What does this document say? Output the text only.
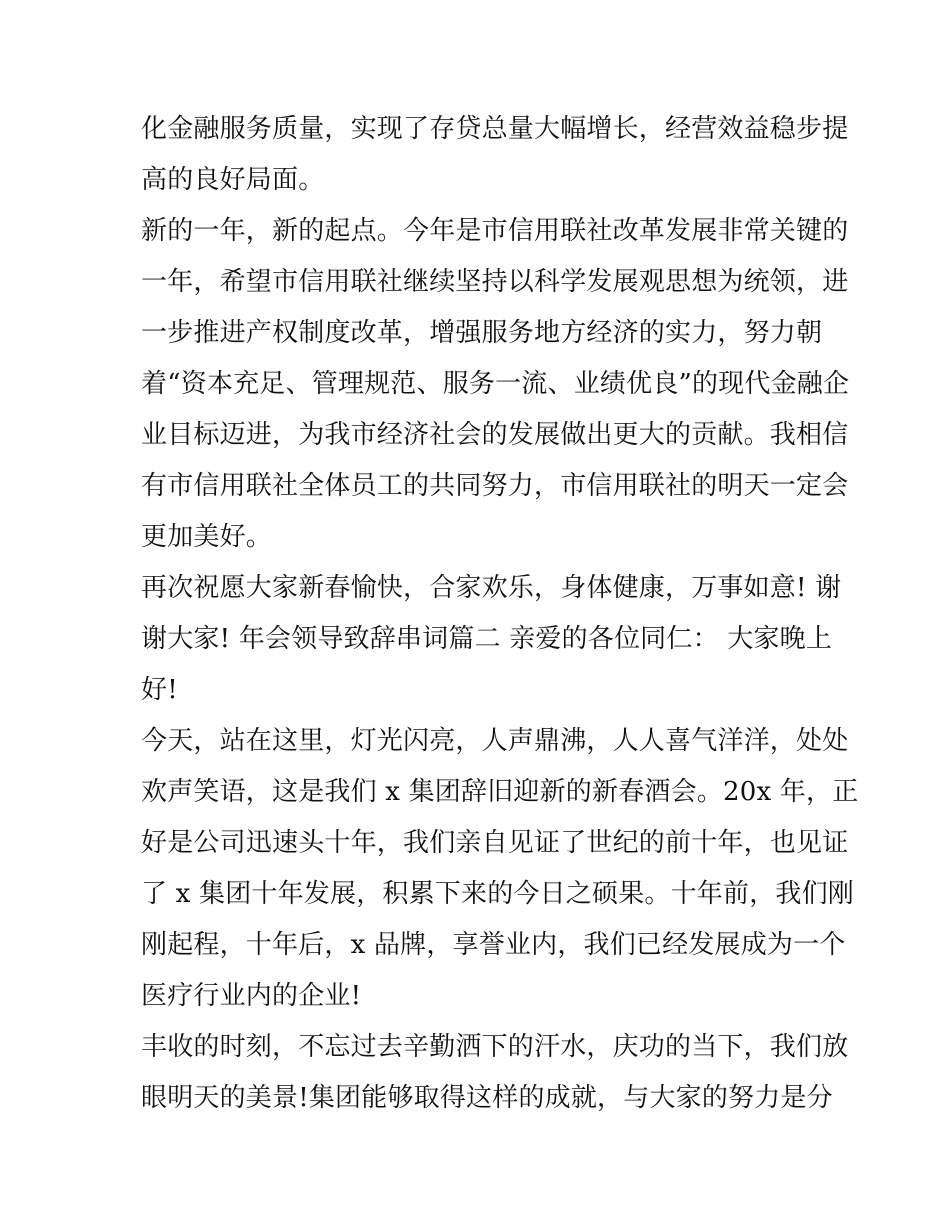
化金融服务质量，实现了存贷总量大幅增长，经营效益稳步提
高的良好局面。
新的一年，新的起点。今年是市信用联社改革发展非常关键的
一年，希望市信用联社继续坚持以科学发展观思想为统领，进
一步推进产权制度改革，增强服务地方经济的实力，努力朝
着“资本充足、管理规范、服务一流、业绩优良”的现代金融企
业目标迈进，为我市经济社会的发展做出更大的贡献。我相信
有市信用联社全体员工的共同努力，市信用联社的明天一定会
更加美好。
再次祝愿大家新春愉快，合家欢乐，身体健康，万事如意! 谢
谢大家! 年会领导致辞串词篇二 亲爱的各位同仁： 大家晚上
好!
今天，站在这里，灯光闪亮，人声鼎沸，人人喜气洋洋，处处
欢声笑语，这是我们 x 集团辞旧迎新的新春酒会。20x 年，正
好是公司迅速头十年，我们亲自见证了世纪的前十年，也见证
了 x 集团十年发展，积累下来的今日之硕果。十年前，我们刚
刚起程，十年后，x 品牌，享誉业内，我们已经发展成为一个
医疗行业内的企业!
丰收的时刻，不忘过去辛勤洒下的汗水，庆功的当下，我们放
眼明天的美景!集团能够取得这样的成就，与大家的努力是分
